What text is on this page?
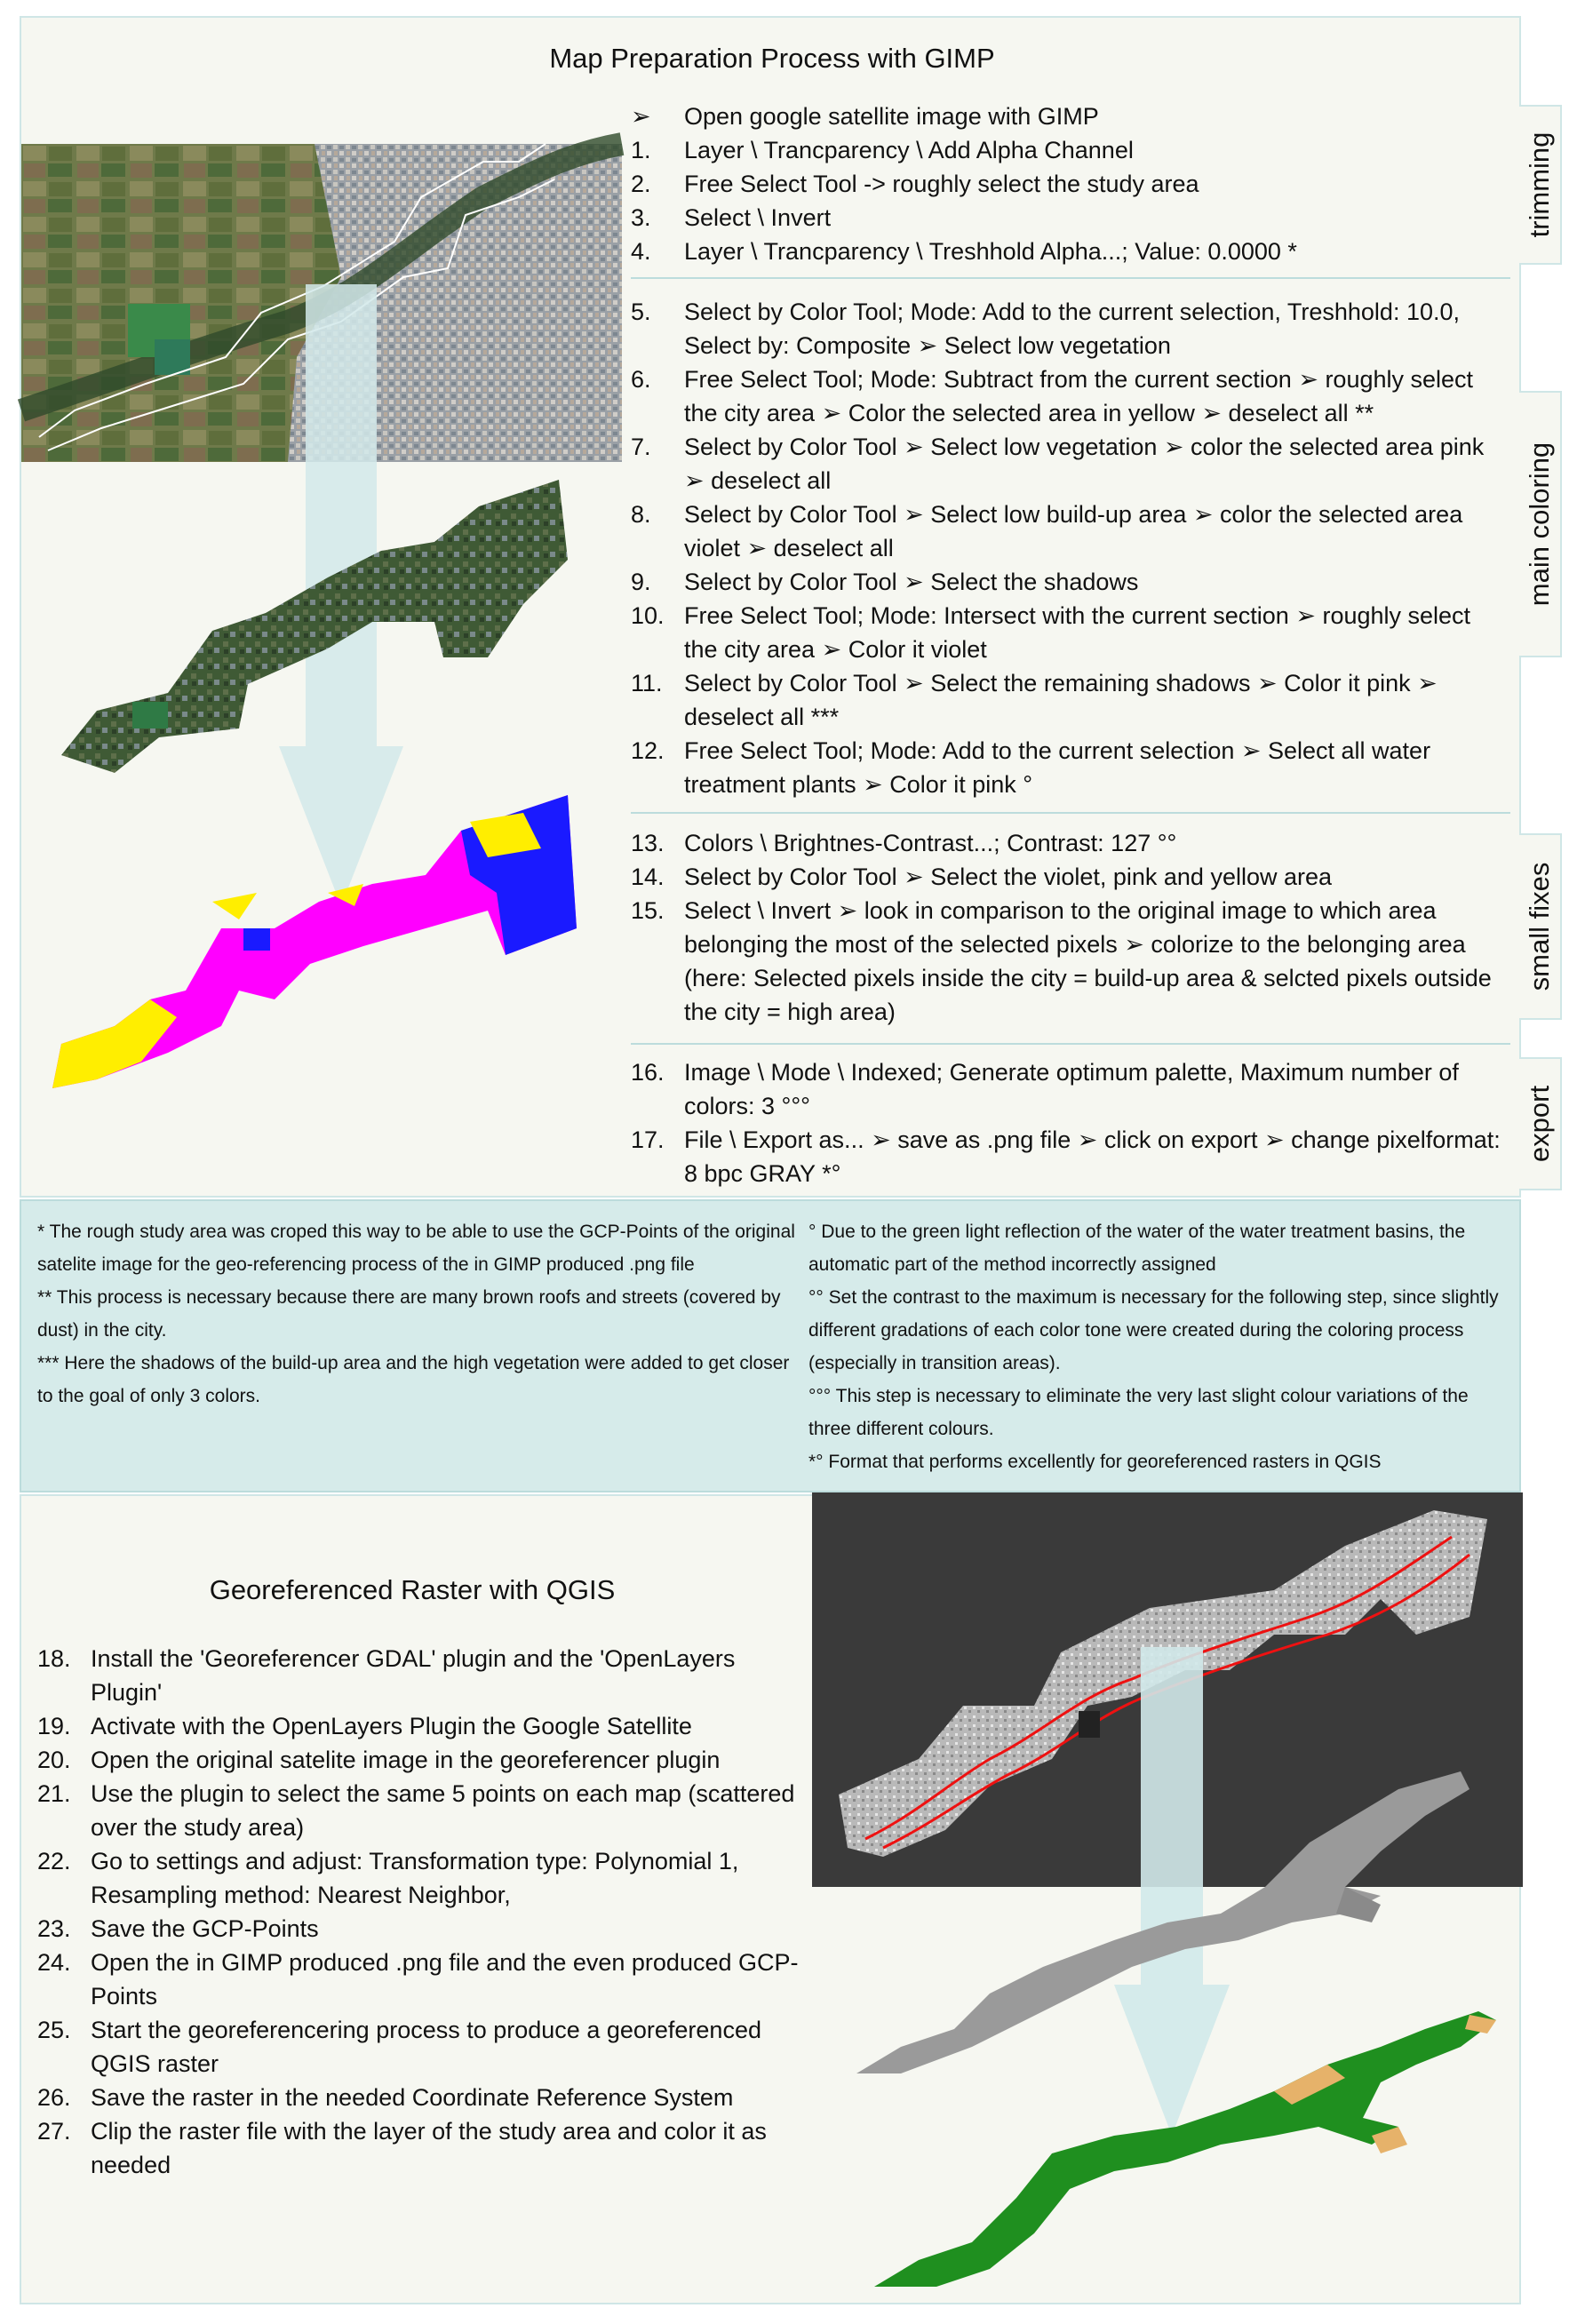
Map Preparation Process with GIMP
➢	Open google satellite image with GIMP
1.	Layer \ Trancparency \ Add Alpha Channel
2.	Free Select Tool -> roughly select the study area
3.	Select \ Invert
4.	Layer \ Trancparency \ Treshhold Alpha...; Value: 0.0000 *
5.	Select by Color Tool; Mode: Add to the current selection, Treshhold: 10.0, Select by: Composite ➢ Select low vegetation
6.	Free Select Tool; Mode: Subtract from the current section ➢ roughly select the city area ➢ Color the selected area in yellow ➢ deselect all **
7.	Select by Color Tool ➢ Select low vegetation ➢ color the selected area pink ➢ deselect all
8.	Select by Color Tool ➢ Select low build-up area ➢ color the selected area violet ➢ deselect all
9.	Select by Color Tool ➢ Select the shadows
10. Free Select Tool; Mode: Intersect with the current section ➢ roughly select the city area ➢ Color it violet
11. Select by Color Tool ➢ Select the remaining shadows ➢ Color it pink ➢ deselect all ***
12. Free Select Tool; Mode: Add to the current selection ➢ Select all water treatment plants ➢ Color it pink °
13. Colors \ Brightnes-Contrast...; Contrast: 127 °°
14. Select by Color Tool ➢ Select the violet, pink and yellow area
15. Select \ Invert ➢ look in comparison to the original image to which area belonging the most of the selected pixels ➢ colorize to the belonging area (here: Selected pixels inside the city = build-up area & selcted pixels outside the city = high area)
16. Image \ Mode \ Indexed; Generate optimum palette, Maximum number of colors: 3 °°°
17. File \ Export as... ➢ save as .png file ➢ click on export ➢ change pixelformat: 8 bpc GRAY *°
trimming
main coloring
small fixes
export

* The rough study area was croped this way to be able to use the GCP-Points of the original satelite image for the geo-referencing process of the in GIMP produced .png file

** This process is necessary because there are many brown roofs and streets (covered by dust) in the city.

*** Here the shadows of the build-up area and the high vegetation were added to get closer to the goal of only 3 colors.

° Due to the green light reflection of the water of the water treatment basins, the automatic part of the method incorrectly assigned

°° Set the contrast to the maximum is necessary for the following step, since slightly different gradations of each color tone were created during the coloring process (especially in transition areas).

°°° This step is necessary to eliminate the very last slight colour variations of the three different colours.

*° Format that performs excellently for georeferenced rasters in QGIS

Georeferenced Raster with QGIS
18. Install the 'Georeferencer GDAL' plugin and the 'OpenLayers Plugin'
19. Activate with the OpenLayers Plugin the Google Satellite
20. Open the original satelite image in the georeferencer plugin
21. Use the plugin to select the same 5 points on each map (scattered over the study area)
22. Go to settings and adjust: Transformation type: Polynomial 1, Resampling method: Nearest Neighbor,
23. Save the GCP-Points
24. Open the in GIMP produced .png file and the even produced GCP-Points
25. Start the georeferencering process to produce a georeferenced QGIS raster
26. Save the raster in the needed Coordinate Reference System
27. Clip the raster file with the layer of the study area and color it as needed
